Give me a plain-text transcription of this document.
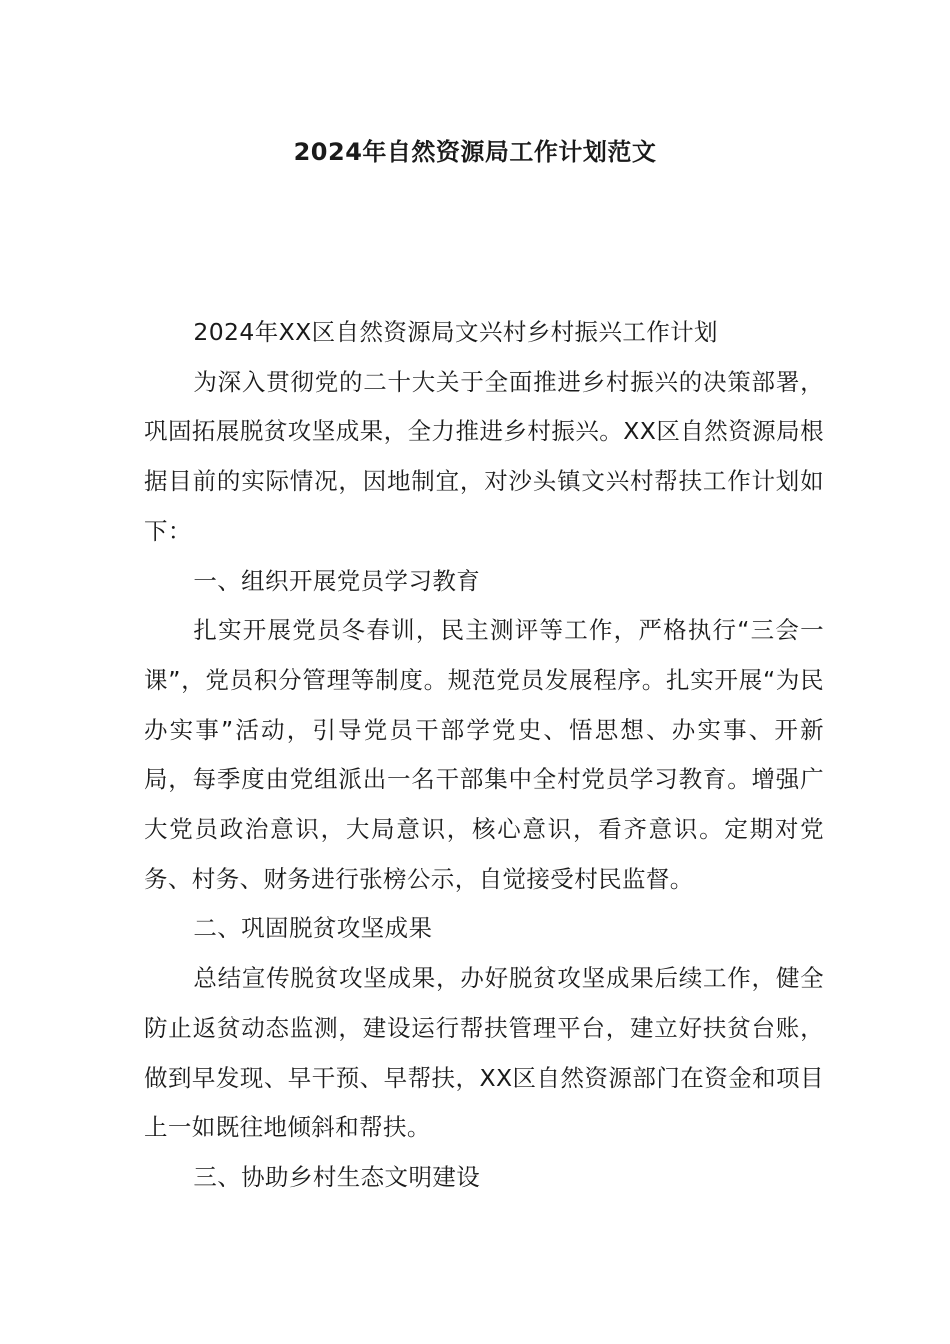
2024年自然资源局工作计划范文

2024年XX区自然资源局文兴村乡村振兴工作计划

为深入贯彻党的二十大关于全面推进乡村振兴的决策部署，巩固拓展脱贫攻坚成果，全力推进乡村振兴。XX区自然资源局根据目前的实际情况，因地制宜，对沙头镇文兴村帮扶工作计划如下：

一、组织开展党员学习教育

扎实开展党员冬春训，民主测评等工作，严格执行“三会一课”，党员积分管理等制度。规范党员发展程序。扎实开展“为民办实事”活动，引导党员干部学党史、悟思想、办实事、开新局，每季度由党组派出一名干部集中全村党员学习教育。增强广大党员政治意识，大局意识，核心意识，看齐意识。定期对党务、村务、财务进行张榜公示，自觉接受村民监督。

二、巩固脱贫攻坚成果

总结宣传脱贫攻坚成果，办好脱贫攻坚成果后续工作，健全防止返贫动态监测，建设运行帮扶管理平台，建立好扶贫台账，做到早发现、早干预、早帮扶，XX区自然资源部门在资金和项目上一如既往地倾斜和帮扶。

三、协助乡村生态文明建设
